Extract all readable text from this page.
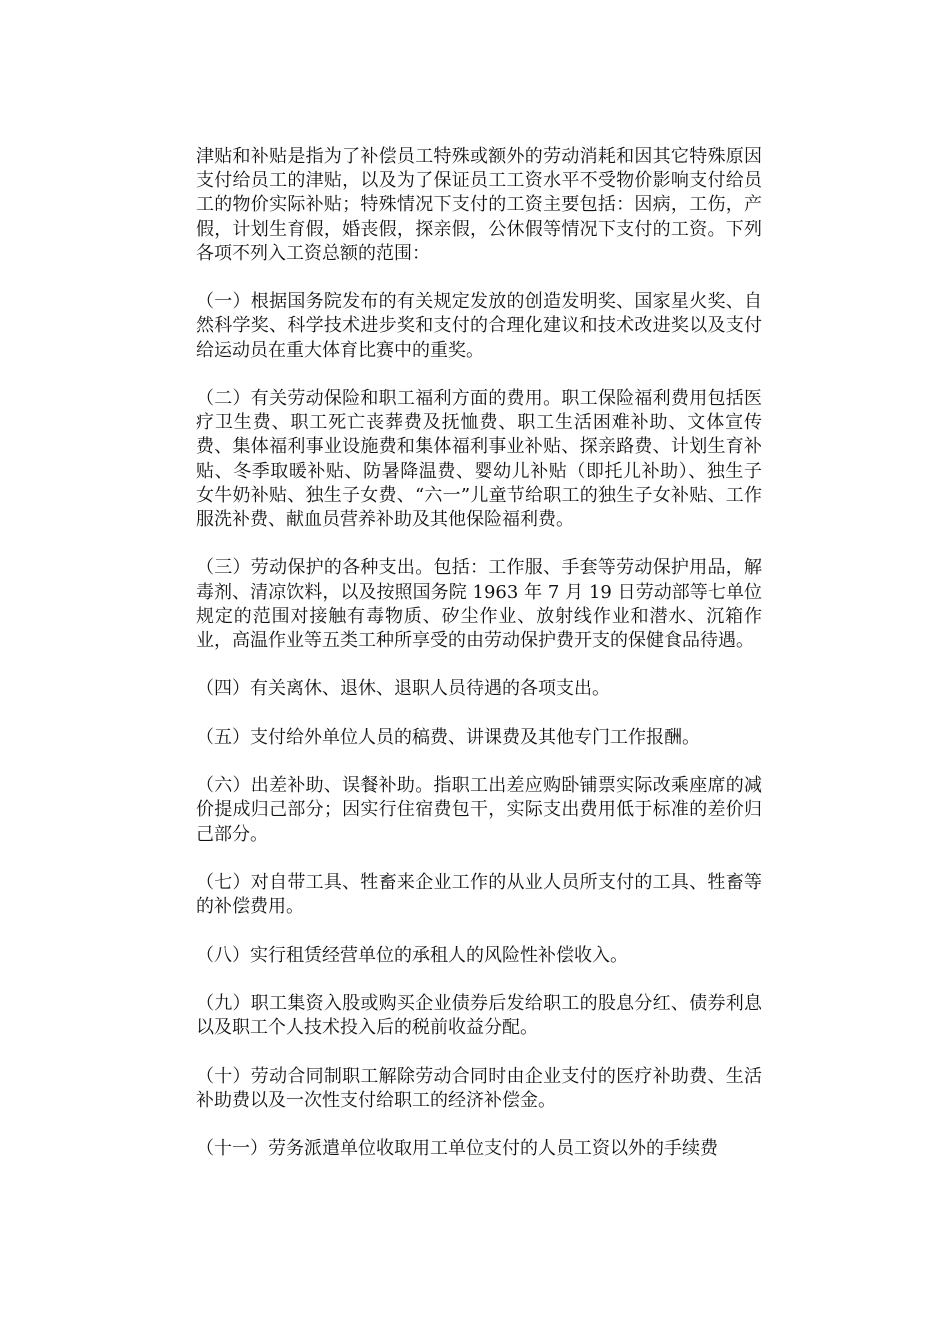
津贴和补贴是指为了补偿员工特殊或额外的劳动消耗和因其它特殊原因支付给员工的津贴，以及为了保证员工工资水平不受物价影响支付给员工的物价实际补贴；特殊情况下支付的工资主要包括：因病，工伤，产假，计划生育假，婚丧假，探亲假，公休假等情况下支付的工资。下列各项不列入工资总额的范围：

（一）根据国务院发布的有关规定发放的创造发明奖、国家星火奖、自然科学奖、科学技术进步奖和支付的合理化建议和技术改进奖以及支付给运动员在重大体育比赛中的重奖。

（二）有关劳动保险和职工福利方面的费用。职工保险福利费用包括医疗卫生费、职工死亡丧葬费及抚恤费、职工生活困难补助、文体宣传费、集体福利事业设施费和集体福利事业补贴、探亲路费、计划生育补贴、冬季取暖补贴、防暑降温费、婴幼儿补贴（即托儿补助）、独生子女牛奶补贴、独生子女费、“六一”儿童节给职工的独生子女补贴、工作服洗补费、献血员营养补助及其他保险福利费。

（三）劳动保护的各种支出。包括：工作服、手套等劳动保护用品，解毒剂、清凉饮料，以及按照国务院 1963 年 7 月 19 日劳动部等七单位规定的范围对接触有毒物质、矽尘作业、放射线作业和潜水、沉箱作业，高温作业等五类工种所享受的由劳动保护费开支的保健食品待遇。

（四）有关离休、退休、退职人员待遇的各项支出。

（五）支付给外单位人员的稿费、讲课费及其他专门工作报酬。

（六）出差补助、误餐补助。指职工出差应购卧铺票实际改乘座席的减价提成归己部分；因实行住宿费包干，实际支出费用低于标准的差价归己部分。

（七）对自带工具、牲畜来企业工作的从业人员所支付的工具、牲畜等的补偿费用。

（八）实行租赁经营单位的承租人的风险性补偿收入。

（九）职工集资入股或购买企业债券后发给职工的股息分红、债券利息以及职工个人技术投入后的税前收益分配。

（十）劳动合同制职工解除劳动合同时由企业支付的医疗补助费、生活补助费以及一次性支付给职工的经济补偿金。

（十一）劳务派遣单位收取用工单位支付的人员工资以外的手续费
